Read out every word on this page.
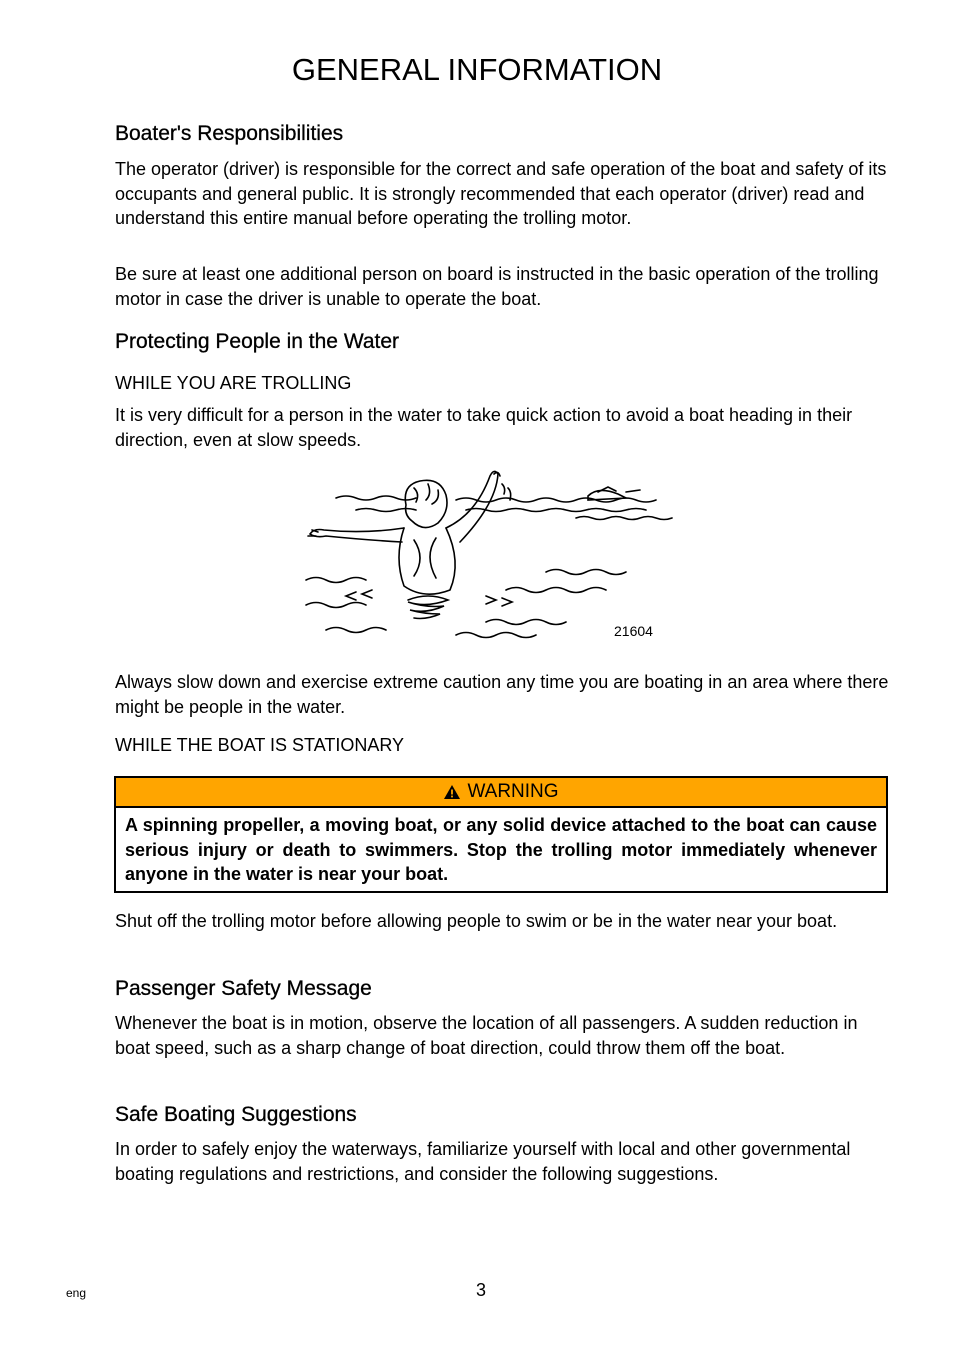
GENERAL INFORMATION
Boater's Responsibilities

The operator (driver) is responsible for the correct and safe operation of the boat and safety of its occupants and general public. It is strongly recommended that each operator (driver) read and understand this entire manual before operating the trolling motor.

Be sure at least one additional person on board is instructed in the basic operation of the trolling motor in case the driver is unable to operate the boat.

Protecting People in the Water
WHILE YOU ARE TROLLING

It is very difficult for a person in the water to take quick action to avoid a boat heading in their direction, even at slow speeds.

21604

Always slow down and exercise extreme caution any time you are boating in an area where there might be people in the water.

WHILE THE BOAT IS STATIONARY
WARNING
A spinning propeller, a moving boat, or any solid device attached to the boat can cause serious injury or death to swimmers. Stop the trolling motor immediately whenever anyone in the water is near your boat.

Shut off the trolling motor before allowing people to swim or be in the water near your boat.

Passenger Safety Message

Whenever the boat is in motion, observe the location of all passengers. A sudden reduction in boat speed, such as a sharp change of boat direction, could throw them off the boat.

Safe Boating Suggestions

In order to safely enjoy the waterways, familiarize yourself with local and other governmental boating regulations and restrictions, and consider the following suggestions.

eng	3
